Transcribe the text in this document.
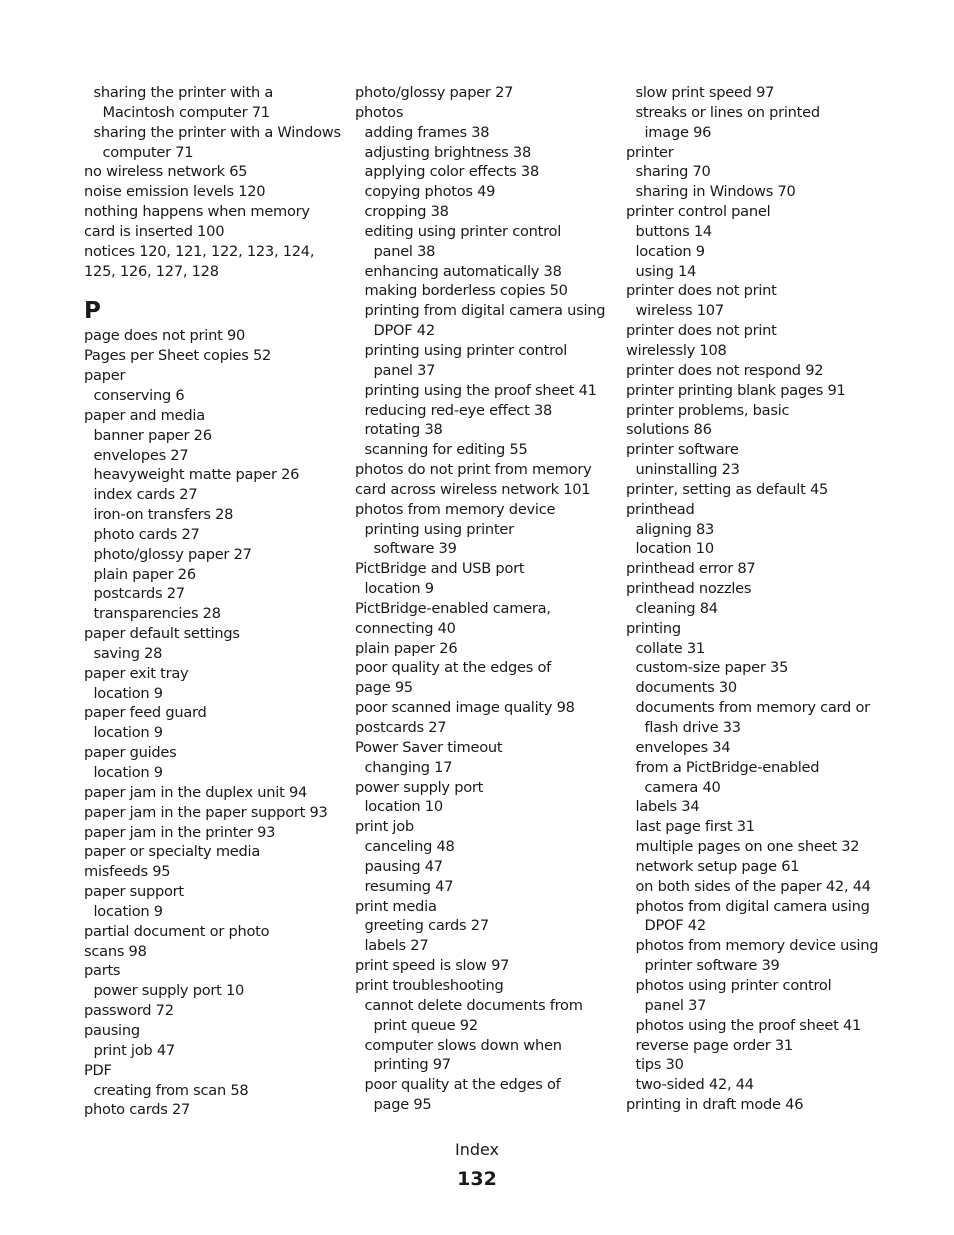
sharing the printer with a
Macintosh computer 71
sharing the printer with a Windows
computer 71
no wireless network 65
noise emission levels 120
nothing happens when memory
card is inserted 100
notices 120, 121, 122, 123, 124,
125, 126, 127, 128
P
page does not print 90
Pages per Sheet copies 52
paper
conserving 6
paper and media
banner paper 26
envelopes 27
heavyweight matte paper 26
index cards 27
iron-on transfers 28
photo cards 27
photo/glossy paper 27
plain paper 26
postcards 27
transparencies 28
paper default settings
saving 28
paper exit tray
location 9
paper feed guard
location 9
paper guides
location 9
paper jam in the duplex unit 94
paper jam in the paper support 93
paper jam in the printer 93
paper or specialty media
misfeeds 95
paper support
location 9
partial document or photo
scans 98
parts
power supply port 10
password 72
pausing
print job 47
PDF
creating from scan 58
photo cards 27
photo/glossy paper 27
photos
adding frames 38
adjusting brightness 38
applying color effects 38
copying photos 49
cropping 38
editing using printer control
panel 38
enhancing automatically 38
making borderless copies 50
printing from digital camera using
DPOF 42
printing using printer control
panel 37
printing using the proof sheet 41
reducing red-eye effect 38
rotating 38
scanning for editing 55
photos do not print from memory
card across wireless network 101
photos from memory device
printing using printer
software 39
PictBridge and USB port
location 9
PictBridge-enabled camera,
connecting 40
plain paper 26
poor quality at the edges of
page 95
poor scanned image quality 98
postcards 27
Power Saver timeout
changing 17
power supply port
location 10
print job
canceling 48
pausing 47
resuming 47
print media
greeting cards 27
labels 27
print speed is slow 97
print troubleshooting
cannot delete documents from
print queue 92
computer slows down when
printing 97
poor quality at the edges of
page 95
slow print speed 97
streaks or lines on printed
image 96
printer
sharing 70
sharing in Windows 70
printer control panel
buttons 14
location 9
using 14
printer does not print
wireless 107
printer does not print
wirelessly 108
printer does not respond 92
printer printing blank pages 91
printer problems, basic
solutions 86
printer software
uninstalling 23
printer, setting as default 45
printhead
aligning 83
location 10
printhead error 87
printhead nozzles
cleaning 84
printing
collate 31
custom-size paper 35
documents 30
documents from memory card or
flash drive 33
envelopes 34
from a PictBridge-enabled
camera 40
labels 34
last page first 31
multiple pages on one sheet 32
network setup page 61
on both sides of the paper 42, 44
photos from digital camera using
DPOF 42
photos from memory device using
printer software 39
photos using printer control
panel 37
photos using the proof sheet 41
reverse page order 31
tips 30
two-sided 42, 44
printing in draft mode 46
Index
132
